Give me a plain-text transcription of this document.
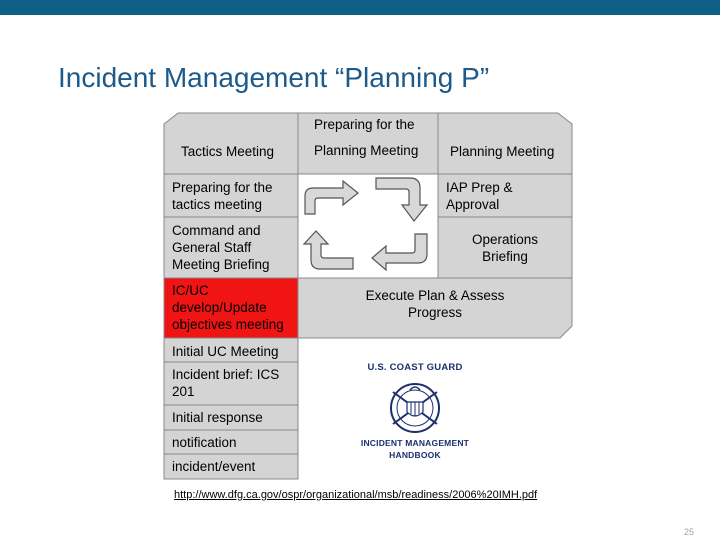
Incident Management “Planning P”
Tactics Meeting
Preparing for the
Planning Meeting Planning Meeting
IAP Prep & Approval
Operations Briefing
Execute Plan & Assess Progress
Preparing for the tactics meeting
Command and General Staff Meeting Briefing
IC/UC develop/Update objectives meeting
Initial UC Meeting
Incident brief: ICS 201
Initial response
notification
incident/event
U.S. COAST GUARD
INCIDENT MANAGEMENT
HANDBOOK
http://www.dfg.ca.gov/ospr/organizational/msb/readiness/2006%20IMH.pdf
25
